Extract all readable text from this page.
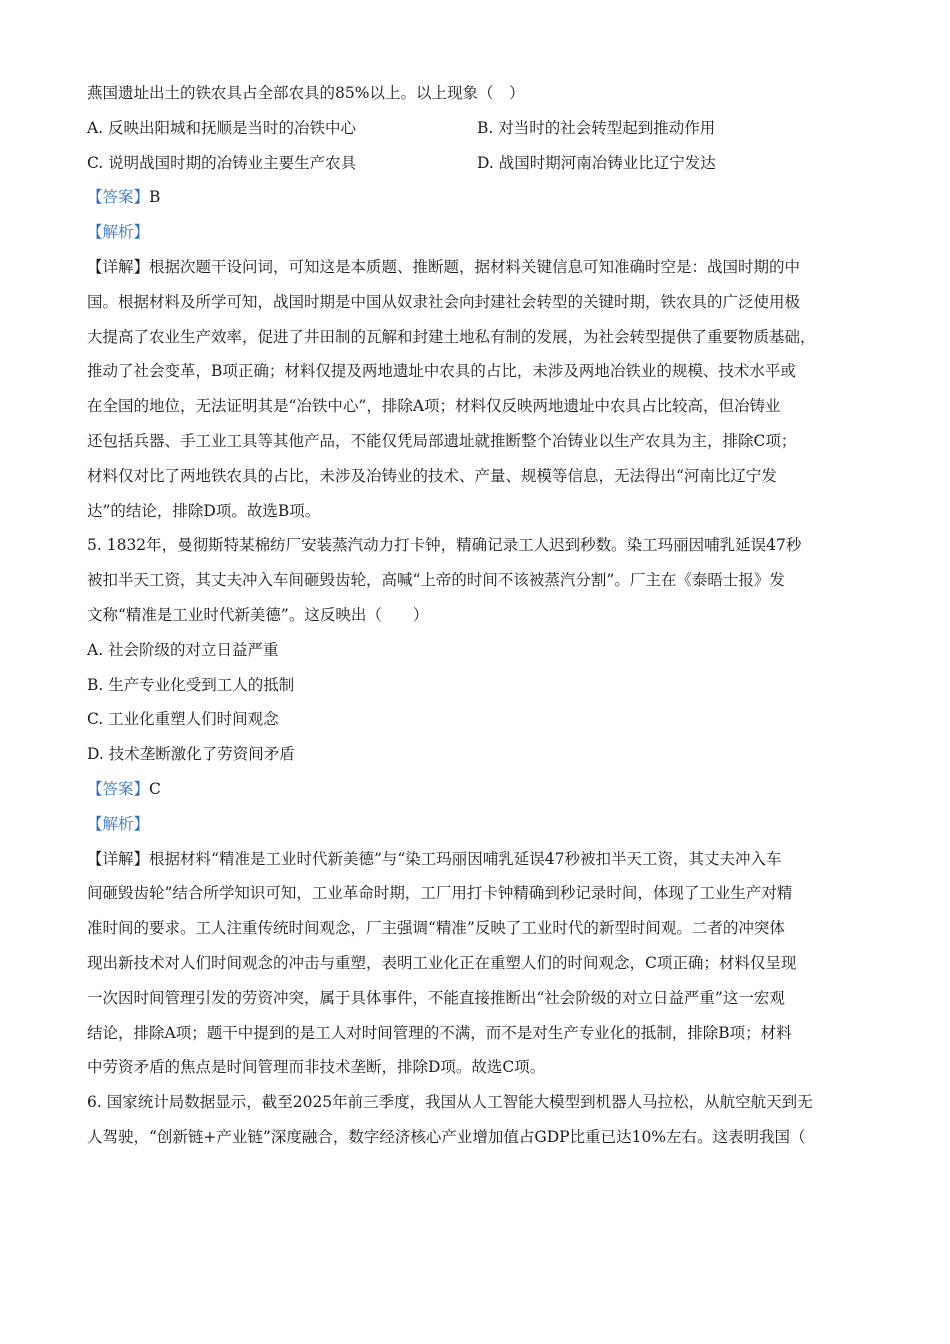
燕国遗址出土的铁农具占全部农具的85%以上。以上现象（　）
A. 反映出阳城和抚顺是当时的冶铁中心	B. 对当时的社会转型起到推动作用
C. 说明战国时期的冶铸业主要生产农具	D. 战国时期河南冶铸业比辽宁发达
【答案】B
【解析】
【详解】根据次题干设问词，可知这是本质题、推断题，据材料关键信息可知准确时空是：战国时期的中
国。根据材料及所学可知，战国时期是中国从奴隶社会向封建社会转型的关键时期，铁农具的广泛使用极
大提高了农业生产效率，促进了井田制的瓦解和封建土地私有制的发展，为社会转型提供了重要物质基础，
推动了社会变革，B项正确；材料仅提及两地遗址中农具的占比，未涉及两地冶铁业的规模、技术水平或
在全国的地位，无法证明其是“冶铁中心”，排除A项；材料仅反映两地遗址中农具占比较高，但冶铸业
还包括兵器、手工业工具等其他产品，不能仅凭局部遗址就推断整个冶铸业以生产农具为主，排除C项；
材料仅对比了两地铁农具的占比，未涉及冶铸业的技术、产量、规模等信息，无法得出“河南比辽宁发
达”的结论，排除D项。故选B项。
5. 1832年，曼彻斯特某棉纺厂安装蒸汽动力打卡钟，精确记录工人迟到秒数。染工玛丽因哺乳延误47秒
被扣半天工资，其丈夫冲入车间砸毁齿轮，高喊“上帝的时间不该被蒸汽分割”。厂主在《泰晤士报》发
文称“精准是工业时代新美德”。这反映出（　　）
A. 社会阶级的对立日益严重
B. 生产专业化受到工人的抵制
C. 工业化重塑人们时间观念
D. 技术垄断激化了劳资间矛盾
【答案】C
【解析】
【详解】根据材料“精准是工业时代新美德”与“染工玛丽因哺乳延误47秒被扣半天工资，其丈夫冲入车
间砸毁齿轮”结合所学知识可知，工业革命时期，工厂用打卡钟精确到秒记录时间，体现了工业生产对精
准时间的要求。工人注重传统时间观念，厂主强调“精准”反映了工业时代的新型时间观。二者的冲突体
现出新技术对人们时间观念的冲击与重塑，表明工业化正在重塑人们的时间观念，C项正确；材料仅呈现
一次因时间管理引发的劳资冲突，属于具体事件，不能直接推断出“社会阶级的对立日益严重”这一宏观
结论，排除A项；题干中提到的是工人对时间管理的不满，而不是对生产专业化的抵制，排除B项；材料
中劳资矛盾的焦点是时间管理而非技术垄断，排除D项。故选C项。
6. 国家统计局数据显示，截至2025年前三季度，我国从人工智能大模型到机器人马拉松，从航空航天到无
人驾驶，“创新链+产业链”深度融合，数字经济核心产业增加值占GDP比重已达10%左右。这表明我国（
